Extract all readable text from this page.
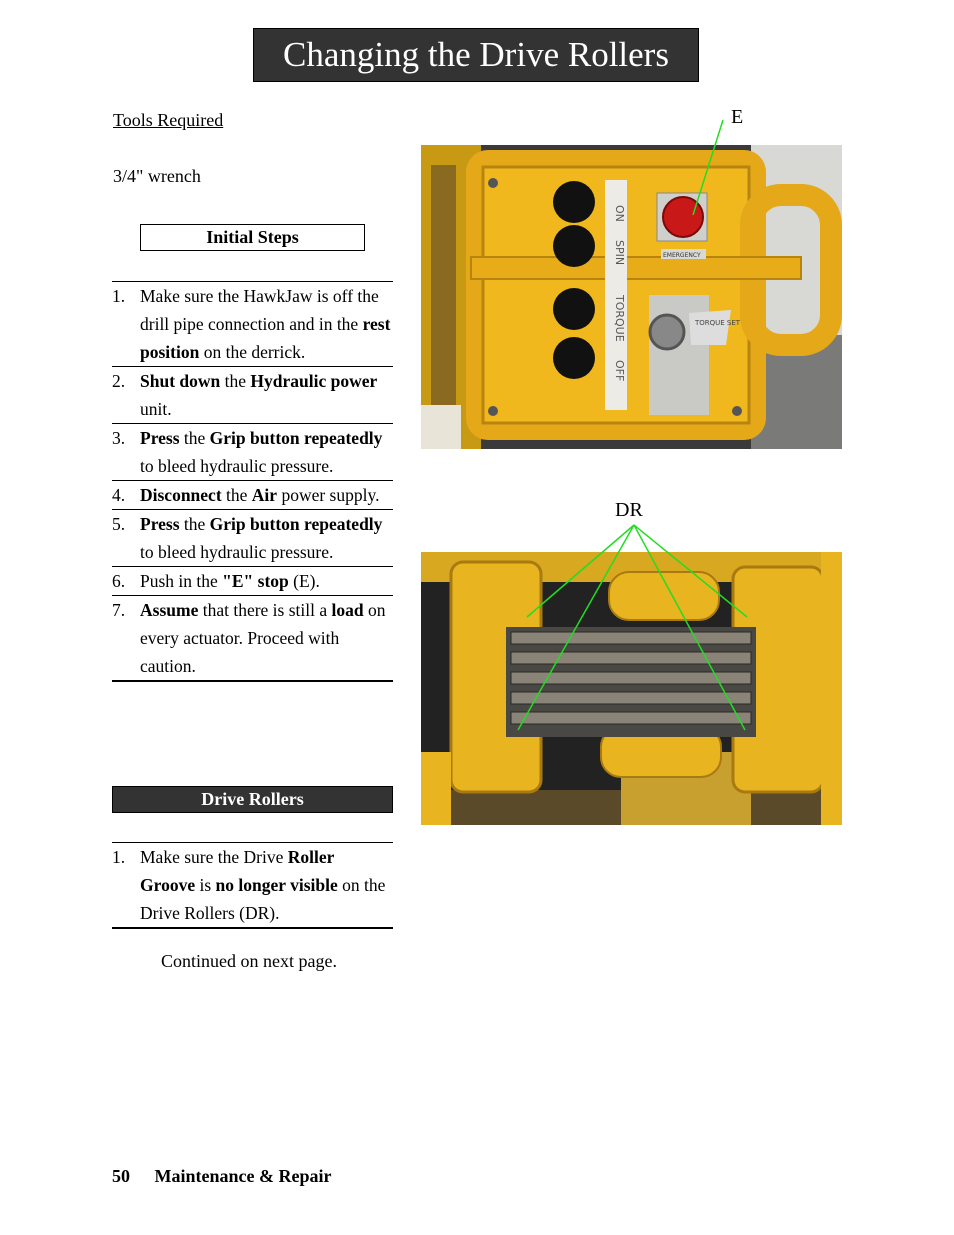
Changing the Drive Rollers
Tools Required
3/4" wrench
Initial Steps
1. Make sure the HawkJaw is off the drill pipe connection and in the rest position on the derrick.
2. Shut down the Hydraulic power unit.
3. Press the Grip button repeatedly to bleed hydraulic pressure.
4. Disconnect the Air power supply.
5. Press the Grip button repeatedly to bleed hydraulic pressure.
6. Push in the "E" stop (E).
7. Assume that there is still a load on every actuator. Proceed with caution.
Drive Rollers
1. Make sure the Drive Roller Groove is no longer visible on the Drive Rollers (DR).
Continued on next page.
50 Maintenance & Repair
ON
SPIN
TORQUE
OFF
EMERGENCY
TORQUE SET
E
DR
